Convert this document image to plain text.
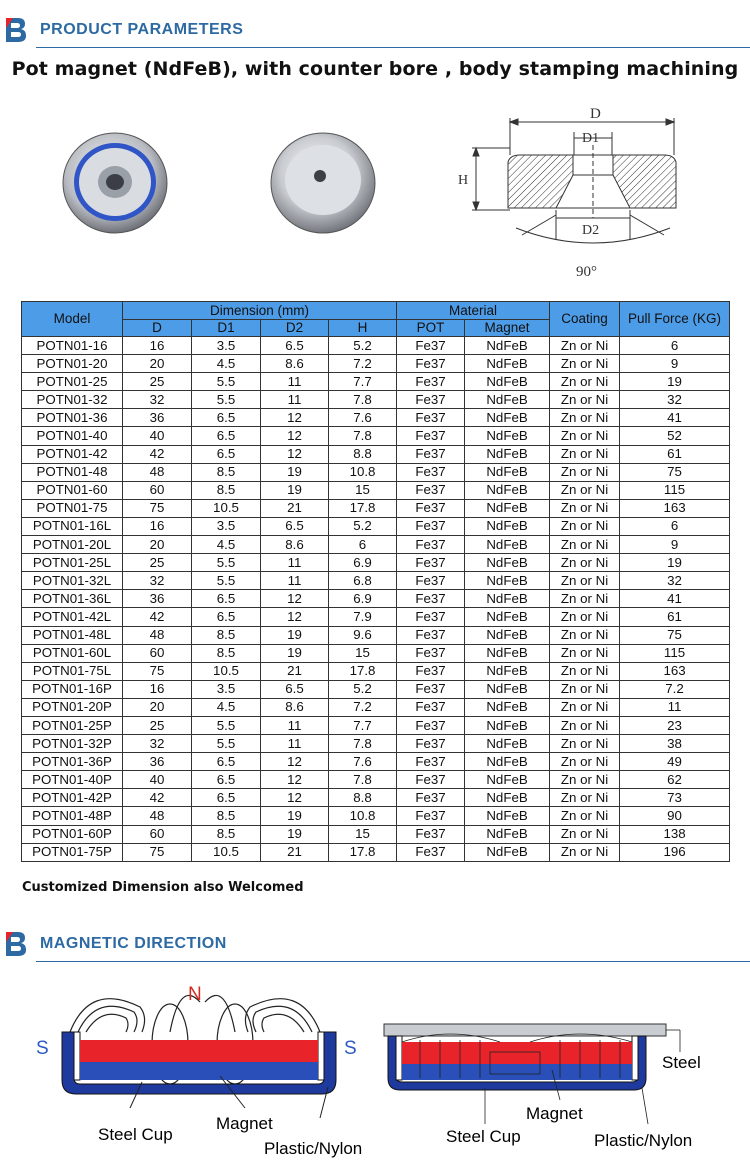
PRODUCT PARAMETERS
Pot magnet (NdFeB), with counter bore , body stamping machining
D
D1
H
D2
90°
Model	Dimension (mm)				Material		Coating	Pull Force (KG)
	D	D1	D2	H	POT	Magnet		
POTN01-16	16	3.5	6.5	5.2	Fe37	NdFeB	Zn or Ni	6
POTN01-20	20	4.5	8.6	7.2	Fe37	NdFeB	Zn or Ni	9
POTN01-25	25	5.5	11	7.7	Fe37	NdFeB	Zn or Ni	19
POTN01-32	32	5.5	11	7.8	Fe37	NdFeB	Zn or Ni	32
POTN01-36	36	6.5	12	7.6	Fe37	NdFeB	Zn or Ni	41
POTN01-40	40	6.5	12	7.8	Fe37	NdFeB	Zn or Ni	52
POTN01-42	42	6.5	12	8.8	Fe37	NdFeB	Zn or Ni	61
POTN01-48	48	8.5	19	10.8	Fe37	NdFeB	Zn or Ni	75
POTN01-60	60	8.5	19	15	Fe37	NdFeB	Zn or Ni	115
POTN01-75	75	10.5	21	17.8	Fe37	NdFeB	Zn or Ni	163
POTN01-16L	16	3.5	6.5	5.2	Fe37	NdFeB	Zn or Ni	6
POTN01-20L	20	4.5	8.6	6	Fe37	NdFeB	Zn or Ni	9
POTN01-25L	25	5.5	11	6.9	Fe37	NdFeB	Zn or Ni	19
POTN01-32L	32	5.5	11	6.8	Fe37	NdFeB	Zn or Ni	32
POTN01-36L	36	6.5	12	6.9	Fe37	NdFeB	Zn or Ni	41
POTN01-42L	42	6.5	12	7.9	Fe37	NdFeB	Zn or Ni	61
POTN01-48L	48	8.5	19	9.6	Fe37	NdFeB	Zn or Ni	75
POTN01-60L	60	8.5	19	15	Fe37	NdFeB	Zn or Ni	115
POTN01-75L	75	10.5	21	17.8	Fe37	NdFeB	Zn or Ni	163
POTN01-16P	16	3.5	6.5	5.2	Fe37	NdFeB	Zn or Ni	7.2
POTN01-20P	20	4.5	8.6	7.2	Fe37	NdFeB	Zn or Ni	11
POTN01-25P	25	5.5	11	7.7	Fe37	NdFeB	Zn or Ni	23
POTN01-32P	32	5.5	11	7.8	Fe37	NdFeB	Zn or Ni	38
POTN01-36P	36	6.5	12	7.6	Fe37	NdFeB	Zn or Ni	49
POTN01-40P	40	6.5	12	7.8	Fe37	NdFeB	Zn or Ni	62
POTN01-42P	42	6.5	12	8.8	Fe37	NdFeB	Zn or Ni	73
POTN01-48P	48	8.5	19	10.8	Fe37	NdFeB	Zn or Ni	90
POTN01-60P	60	8.5	19	15	Fe37	NdFeB	Zn or Ni	138
POTN01-75P	75	10.5	21	17.8	Fe37	NdFeB	Zn or Ni	196
Customized Dimension also Welcomed
MAGNETIC DIRECTION
N
S	S
Steel Cup
Magnet
Plastic/Nylon
Steel
Magnet
Steel Cup	Plastic/Nylon
